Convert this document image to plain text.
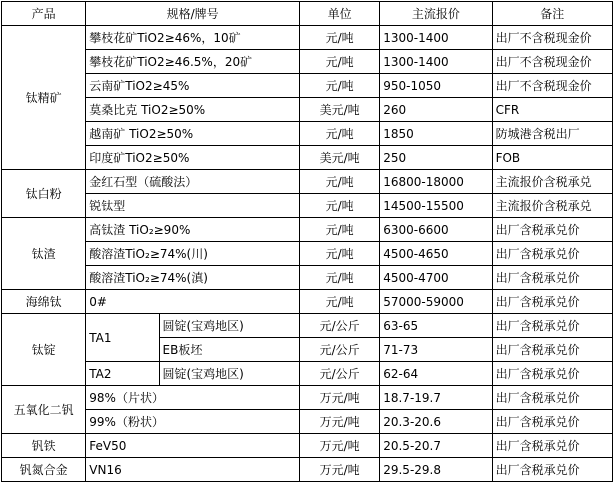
产品	规格/牌号		单位	主流报价	备注
钛精矿	攀枝花矿TiO2≥46%，10矿		元/吨	1300-1400	出厂不含税现金价
	攀枝花矿TiO2≥46.5%，20矿		元/吨	1300-1400	出厂不含税现金价
	云南矿TiO2≥45%		元/吨	950-1050	出厂不含税现金价
	莫桑比克 TiO2≥50%		美元/吨	260	CFR
	越南矿 TiO2≥50%		元/吨	1850	防城港含税出厂
	印度矿TiO2≥50%		美元/吨	250	FOB
钛白粉	金红石型（硫酸法）		元/吨	16800-18000	主流报价含税承兑
	锐钛型		元/吨	14500-15500	主流报价含税承兑
钛渣	高钛渣 TiO₂≥90%		元/吨	6300-6600	出厂含税承兑价
	酸溶渣TiO₂≥74%(川)		元/吨	4500-4650	出厂含税承兑价
	酸溶渣TiO₂≥74%(滇)		元/吨	4500-4700	出厂含税承兑价
海绵钛	0#		元/吨	57000-59000	出厂含税承兑价
钛锭	TA1	圆锭(宝鸡地区)	元/公斤	63-65	出厂含税承兑价
		EB板坯	元/公斤	71-73	出厂含税承兑价
	TA2	圆锭(宝鸡地区)	元/公斤	62-64	出厂含税承兑价
五氧化二钒	98%（片状）		万元/吨	18.7-19.7	出厂含税承兑价
	99%（粉状）		万元/吨	20.3-20.6	出厂含税承兑价
钒铁	FeV50		万元/吨	20.5-20.7	出厂含税承兑价
钒氮合金	VN16		万元/吨	29.5-29.8	出厂含税承兑价
